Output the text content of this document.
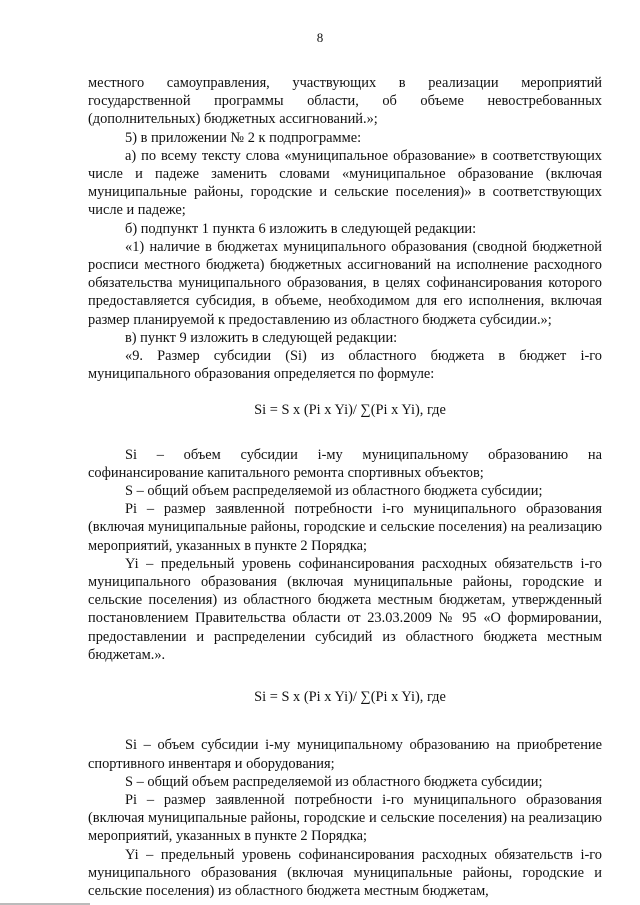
8

местного самоуправления, участвующих в реализации мероприятий государственной программы области, об объеме невостребованных (дополнительных) бюджетных ассигнований.»;

5) в приложении № 2 к подпрограмме:

а) по всему тексту слова «муниципальное образование» в соответствующих числе и падеже заменить словами «муниципальное образование (включая муниципальные районы, городские и сельские поселения)» в соответствующих числе и падеже;

б) подпункт 1 пункта 6 изложить в следующей редакции:

«1) наличие в бюджетах муниципального образования (сводной бюджетной росписи местного бюджета) бюджетных ассигнований на исполнение расходного обязательства муниципального образования, в целях софинансирования которого предоставляется субсидия, в объеме, необходимом для его исполнения, включая размер планируемой к предоставлению из областного бюджета субсидии.»;

в) пункт 9 изложить в следующей редакции:

«9. Размер субсидии (Si) из областного бюджета в бюджет i-го муниципального образования определяется по формуле:

Si = S x (Pi x Yi)/ ∑(Pi x Yi), где

Si – объем субсидии i-му муниципальному образованию на софинансирование капитального ремонта спортивных объектов;

S – общий объем распределяемой из областного бюджета субсидии;

Pi – размер заявленной потребности i-го муниципального образования (включая муниципальные районы, городские и сельские поселения) на реализацию мероприятий, указанных в пункте 2 Порядка;

Yi – предельный уровень софинансирования расходных обязательств i-го муниципального образования (включая муниципальные районы, городские и сельские поселения) из областного бюджета местным бюджетам, утвержденный постановлением Правительства области от 23.03.2009 № 95 «О формировании, предоставлении и распределении субсидий из областного бюджета местным бюджетам.».

Si = S x (Pi x Yi)/ ∑(Pi x Yi), где

Si – объем субсидии i-му муниципальному образованию на приобретение спортивного инвентаря и оборудования;

S – общий объем распределяемой из областного бюджета субсидии;

Pi – размер заявленной потребности i-го муниципального образования (включая муниципальные районы, городские и сельские поселения) на реализацию мероприятий, указанных в пункте 2 Порядка;

Yi – предельный уровень софинансирования расходных обязательств i-го муниципального образования (включая муниципальные районы, городские и сельские поселения) из областного бюджета местным бюджетам,
